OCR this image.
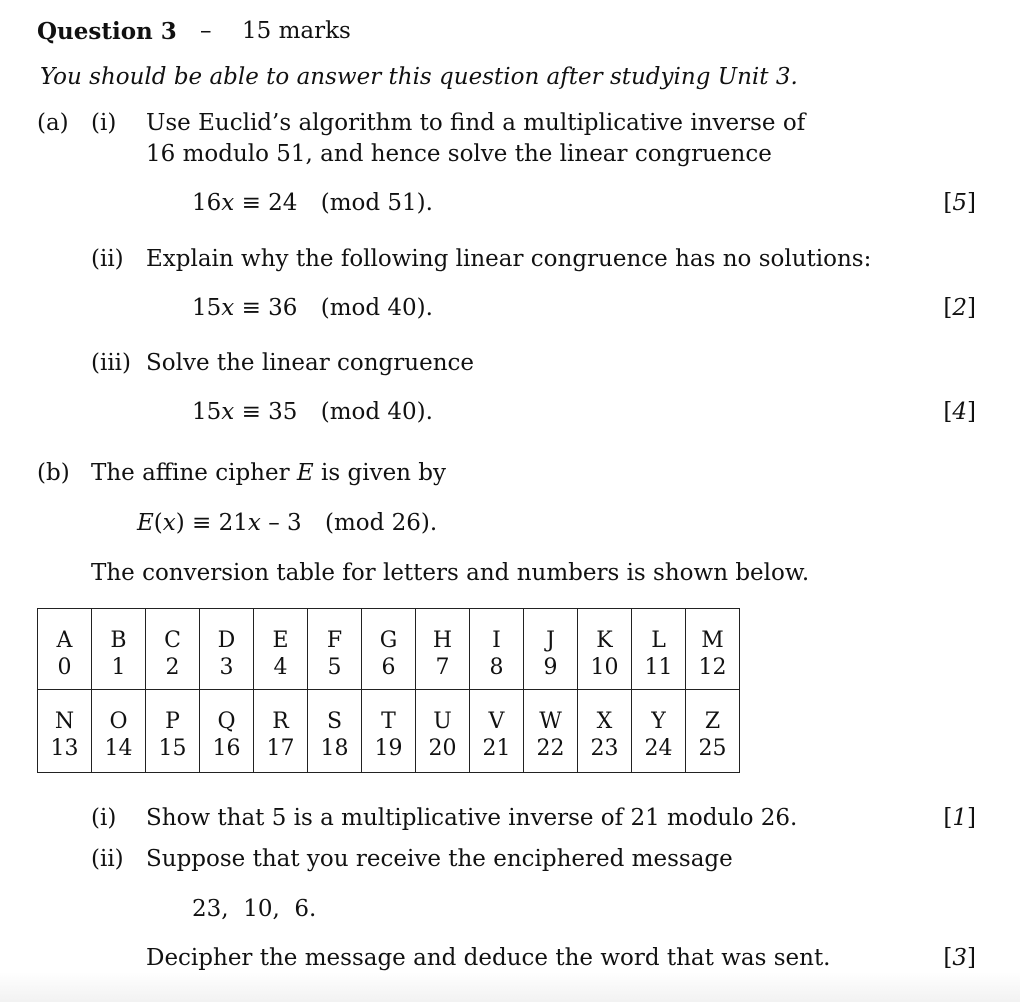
Question 3 – 15 marks
You should be able to answer this question after studying Unit 3.
(a) (i) Use Euclid’s algorithm to find a multiplicative inverse of
16 modulo 51, and hence solve the linear congruence
16x ≡ 24 (mod 51).	[5]
(ii) Explain why the following linear congruence has no solutions:
15x ≡ 36 (mod 40).	[2]
(iii) Solve the linear congruence
15x ≡ 35 (mod 40).	[4]
(b) The affine cipher E is given by
E(x) ≡ 21x – 3 (mod 26).
The conversion table for letters and numbers is shown below.
A	B	C	D	E	F	G	H	I	J	K	L	M
0	1	2	3	4	5	6	7	8	9	10	11	12
N	O	P	Q	R	S	T	U	V	W	X	Y	Z
13	14	15	16	17	18	19	20	21	22	23	24	25
(i) Show that 5 is a multiplicative inverse of 21 modulo 26.	[1]
(ii) Suppose that you receive the enciphered message
23,  10,  6.
Decipher the message and deduce the word that was sent.	[3]
